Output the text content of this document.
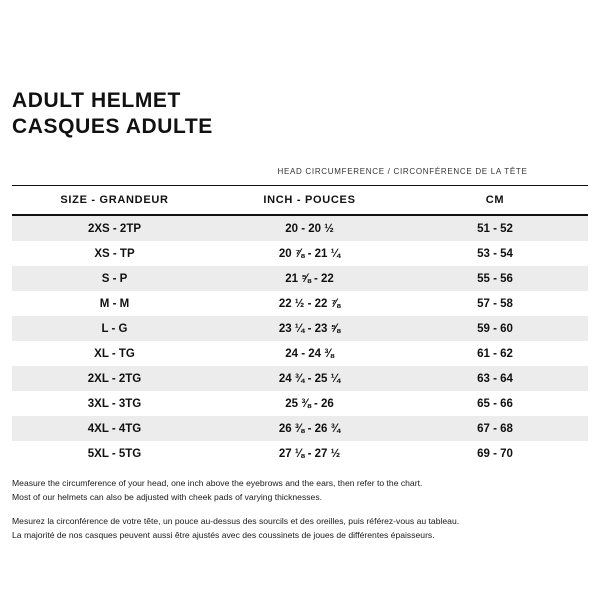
ADULT HELMET
CASQUES ADULTE
	HEAD CIRCUMFERENCE / CIRCONFÉRENCE DE LA TÊTE	
SIZE - GRANDEUR	INCH - POUCES	CM
2XS - 2TP	20 - 20 ½	51 - 52
XS - TP	20 ⅞ - 21 ¼	53 - 54
S - P	21 ⅝ - 22	55 - 56
M - M	22 ½ - 22 ⅞	57 - 58
L - G	23 ¼ - 23 ⅝	59 - 60
XL - TG	24 - 24 ⅜	61 - 62
2XL - 2TG	24 ¾ - 25 ¼	63 - 64
3XL - 3TG	25 ⅜ - 26	65 - 66
4XL - 4TG	26 ⅜ - 26 ¾	67 - 68
5XL - 5TG	27 ⅛ - 27 ½	69 - 70

Measure the circumference of your head, one inch above the eyebrows and the ears, then refer to the chart.

Most of our helmets can also be adjusted with cheek pads of varying thicknesses.

Mesurez la circonférence de votre tête, un pouce au-dessus des sourcils et des oreilles, puis référez-vous au tableau.

La majorité de nos casques peuvent aussi être ajustés avec des coussinets de joues de différentes épaisseurs.
